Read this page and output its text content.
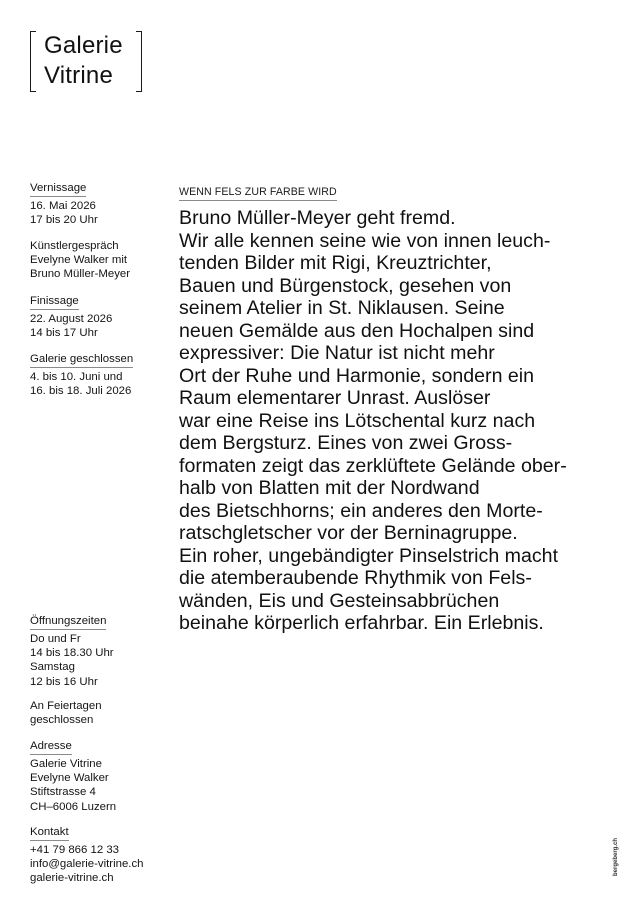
Galerie
Vitrine
Vernissage
16. Mai 2026
17 bis 20 Uhr
Künstlergespräch
Evelyne Walker mit
Bruno Müller-Meyer
Finissage
22. August 2026
14 bis 17 Uhr
Galerie geschlossen
4. bis 10. Juni und
16. bis 18. Juli 2026
Öffnungszeiten
Do und Fr
14 bis 18.30 Uhr
Samstag
12 bis 16 Uhr
An Feiertagen
geschlossen
Adresse
Galerie Vitrine
Evelyne Walker
Stiftstrasse 4
CH–6006 Luzern
Kontakt
+41 79 866 12 33
info@galerie-vitrine.ch
galerie-vitrine.ch
WENN FELS ZUR FARBE WIRD
Bruno Müller-Meyer geht fremd.
Wir alle kennen seine wie von innen leuch-
tenden Bilder mit Rigi, Kreuztrichter,
Bauen und Bürgenstock, gesehen von
seinem Atelier in St. Niklausen. Seine
neuen Gemälde aus den Hochalpen sind
expressiver: Die Natur ist nicht mehr
Ort der Ruhe und Harmonie, sondern ein
Raum elementarer Unrast. Auslöser
war eine Reise ins Lötschental kurz nach
dem Bergsturz. Eines von zwei Gross-
formaten zeigt das zerklüftete Gelände ober-
halb von Blatten mit der Nordwand
des Bietschhorns; ein anderes den Morte-
ratschgletscher vor der Berninagruppe.
Ein roher, ungebändigter Pinselstrich macht
die atemberaubende Rhythmik von Fels-
wänden, Eis und Gesteinsabbrüchen
beinahe körperlich erfahrbar. Ein Erlebnis.
bergeberg.ch
